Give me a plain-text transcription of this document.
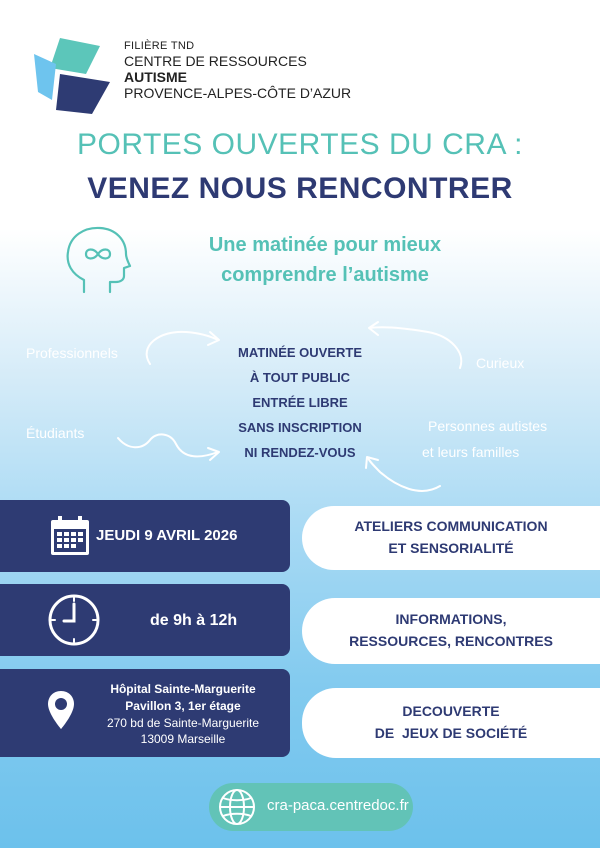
FILIÈRE TND
CENTRE DE RESSOURCES
AUTISME
PROVENCE-ALPES-CÔTE D’AZUR
PORTES OUVERTES DU CRA :
VENEZ NOUS RENCONTRER
Une matinée pour mieux
comprendre l’autisme
Professionnels
Étudiants
Curieux
Personnes autistes
et leurs familles
MATINÉE OUVERTE
À TOUT PUBLIC
ENTRÉE LIBRE
SANS INSCRIPTION
NI RENDEZ-VOUS
JEUDI 9 AVRIL 2026
de 9h à 12h
Hôpital Sainte-Marguerite
Pavillon 3, 1er étage
270 bd de Sainte-Marguerite
13009 Marseille
ATELIERS COMMUNICATION
ET SENSORIALITÉ
INFORMATIONS,
RESSOURCES, RENCONTRES
DECOUVERTE
DE  JEUX DE SOCIÉTÉ
cra-paca.centredoc.fr
